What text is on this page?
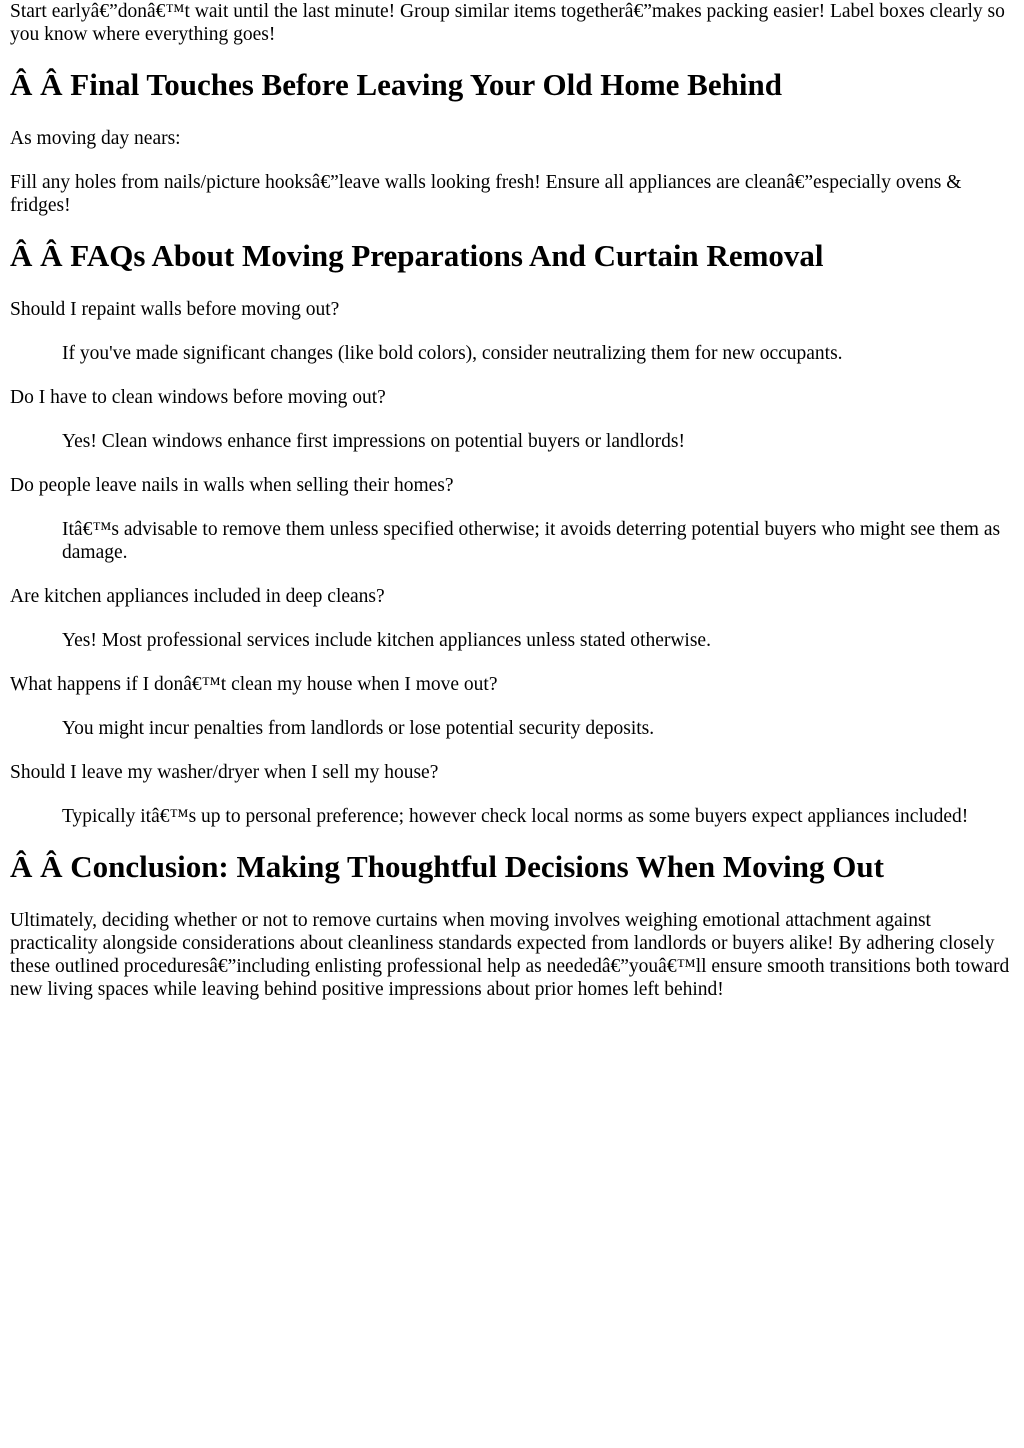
Start earlyâ€”donâ€™t wait until the last minute! Group similar items togetherâ€”makes packing easier! Label boxes clearly so you know where everything goes!

Â Â Final Touches Before Leaving Your Old Home Behind

As moving day nears:

Fill any holes from nails/picture hooksâ€”leave walls looking fresh! Ensure all appliances are cleanâ€”especially ovens & fridges!

Â Â FAQs About Moving Preparations And Curtain Removal
Should I repaint walls before moving out?
If you've made significant changes (like bold colors), consider neutralizing them for new occupants.
Do I have to clean windows before moving out?
Yes! Clean windows enhance first impressions on potential buyers or landlords!
Do people leave nails in walls when selling their homes?
Itâ€™s advisable to remove them unless specified otherwise; it avoids deterring potential buyers who might see them as damage.
Are kitchen appliances included in deep cleans?
Yes! Most professional services include kitchen appliances unless stated otherwise.
What happens if I donâ€™t clean my house when I move out?
You might incur penalties from landlords or lose potential security deposits.
Should I leave my washer/dryer when I sell my house?
Typically itâ€™s up to personal preference; however check local norms as some buyers expect appliances included!
Â Â Conclusion: Making Thoughtful Decisions When Moving Out

Ultimately, deciding whether or not to remove curtains when moving involves weighing emotional attachment against practicality alongside considerations about cleanliness standards expected from landlords or buyers alike! By adhering closely these outlined proceduresâ€”including enlisting professional help as neededâ€”youâ€™ll ensure smooth transitions both toward new living spaces while leaving behind positive impressions about prior homes left behind!
